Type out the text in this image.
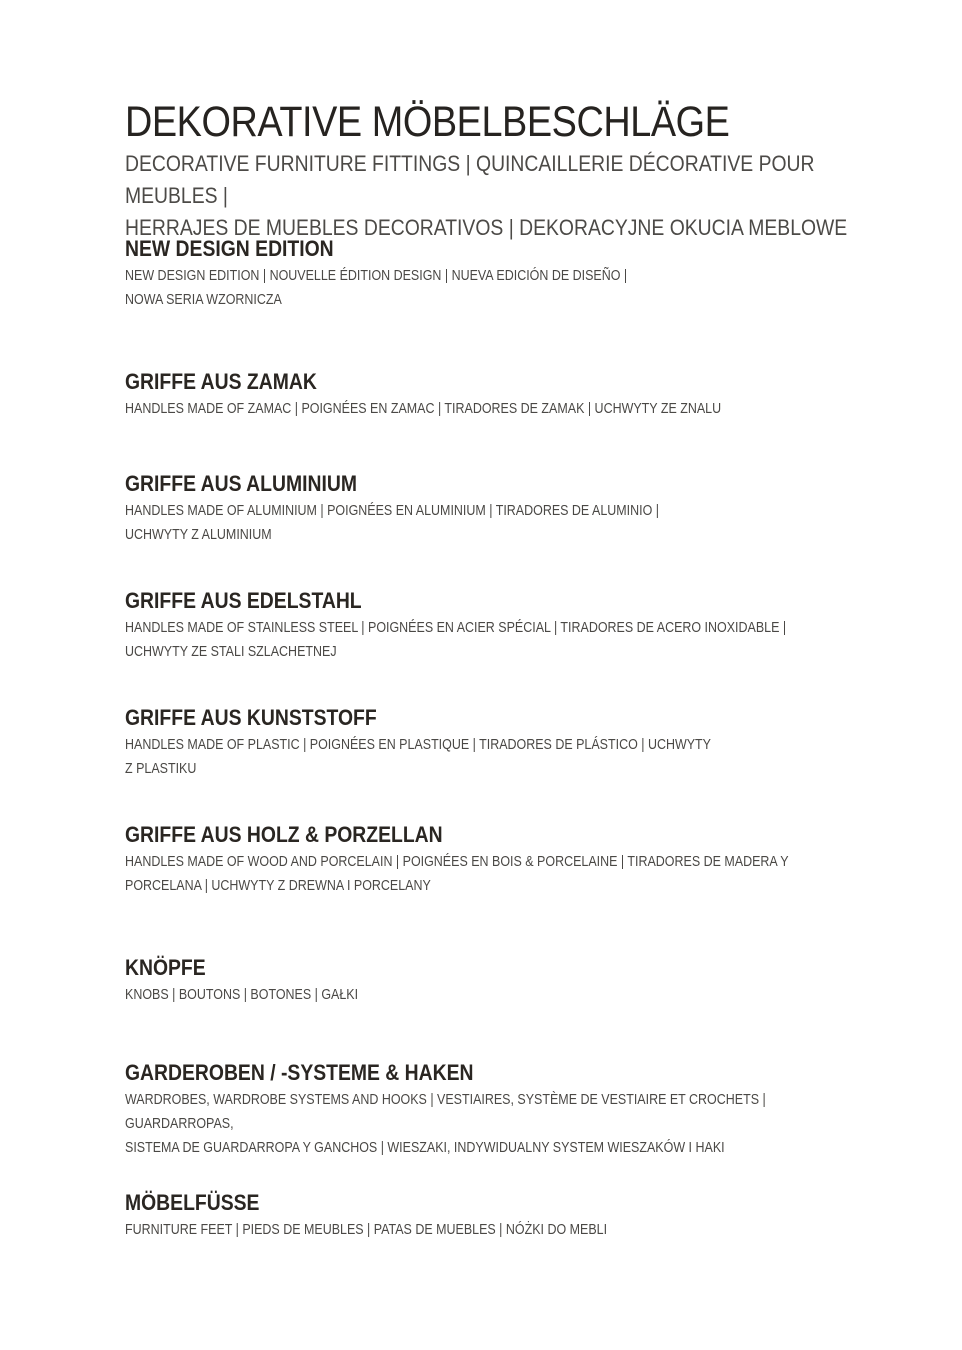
DEKORATIVE MÖBELBESCHLÄGE

DECORATIVE FURNITURE FITTINGS | QUINCAILLERIE DÉCORATIVE POUR MEUBLES |
HERRAJES DE MUEBLES DECORATIVOS | DEKORACYJNE OKUCIA MEBLOWE

NEW DESIGN EDITION

NEW DESIGN EDITION | NOUVELLE ÉDITION DESIGN | NUEVA EDICIÓN DE DISEÑO |
NOWA SERIA WZORNICZA

GRIFFE AUS ZAMAK

HANDLES MADE OF ZAMAC | POIGNÉES EN ZAMAC | TIRADORES DE ZAMAK | UCHWYTY ZE ZNALU

GRIFFE AUS ALUMINIUM

HANDLES MADE OF ALUMINIUM | POIGNÉES EN ALUMINIUM | TIRADORES DE ALUMINIO |
UCHWYTY Z ALUMINIUM

GRIFFE AUS EDELSTAHL

HANDLES MADE OF STAINLESS STEEL | POIGNÉES EN ACIER SPÉCIAL | TIRADORES DE ACERO INOXIDABLE |
UCHWYTY ZE STALI SZLACHETNEJ

GRIFFE AUS KUNSTSTOFF

HANDLES MADE OF PLASTIC | POIGNÉES EN PLASTIQUE | TIRADORES DE PLÁSTICO | UCHWYTY
Z PLASTIKU

GRIFFE AUS HOLZ & PORZELLAN

HANDLES MADE OF WOOD AND PORCELAIN | POIGNÉES EN BOIS & PORCELAINE | TIRADORES DE MADERA Y
PORCELANA | UCHWYTY Z DREWNA I PORCELANY

KNÖPFE

KNOBS | BOUTONS | BOTONES | GAŁKI

GARDEROBEN / -SYSTEME & HAKEN

WARDROBES, WARDROBE SYSTEMS AND HOOKS | VESTIAIRES, SYSTÈME DE VESTIAIRE ET CROCHETS | GUARDARROPAS,
SISTEMA DE GUARDARROPA Y GANCHOS | WIESZAKI, INDYWIDUALNY SYSTEM WIESZAKÓW I HAKI

MÖBELFÜSSE

FURNITURE FEET | PIEDS DE MEUBLES | PATAS DE MUEBLES | NÓŻKI DO MEBLI
